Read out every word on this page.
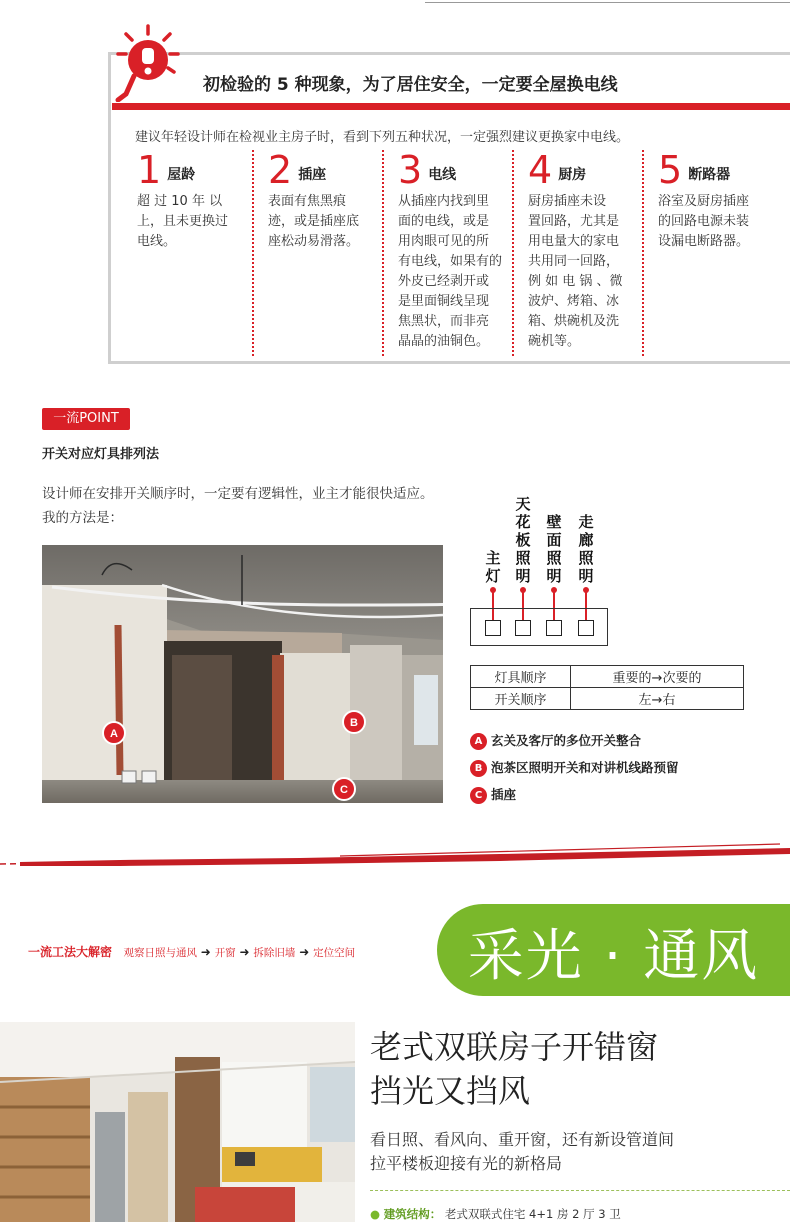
初检验的 5 种现象，为了居住安全，一定要全屋换电线
建议年轻设计师在检视业主房子时，看到下列五种状况，一定强烈建议更换家中电线。
1 屋龄
超 过 10 年 以
上，且未更换过
电线。
2 插座
表面有焦黑痕
迹，或是插座底
座松动易滑落。
3 电线
从插座内找到里
面的电线，或是
用肉眼可见的所
有电线，如果有的
外皮已经剥开或
是里面铜线呈现
焦黑状，而非亮
晶晶的油铜色。
4 厨房
厨房插座未设
置回路，尤其是
用电量大的家电
共用同一回路，
例 如 电 锅 、微
波炉、烤箱、冰
箱、烘碗机及洗
碗机等。
5 断路器
浴室及厨房插座
的回路电源未装
设漏电断路器。
一流POINT
开关对应灯具排列法
设计师在安排开关顺序时，一定要有逻辑性，业主才能很快适应。
我的方法是：
A
B
C
主灯
天花板照明
壁面照明
走廊照明
灯具顺序	重要的→次要的
开关顺序	左→右
A 玄关及客厅的多位开关整合
B 泡茶区照明开关和对讲机线路预留
C 插座
一流工法大解密 观察日照与通风 ➜ 开窗 ➜ 拆除旧墙 ➜ 定位空间	采光 · 通风
老式双联房子开错窗
挡光又挡风
看日照、看风向、重开窗，还有新设管道间
拉平楼板迎接有光的新格局
● 建筑结构： 老式双联式住宅 4+1 房 2 厅 3 卫
